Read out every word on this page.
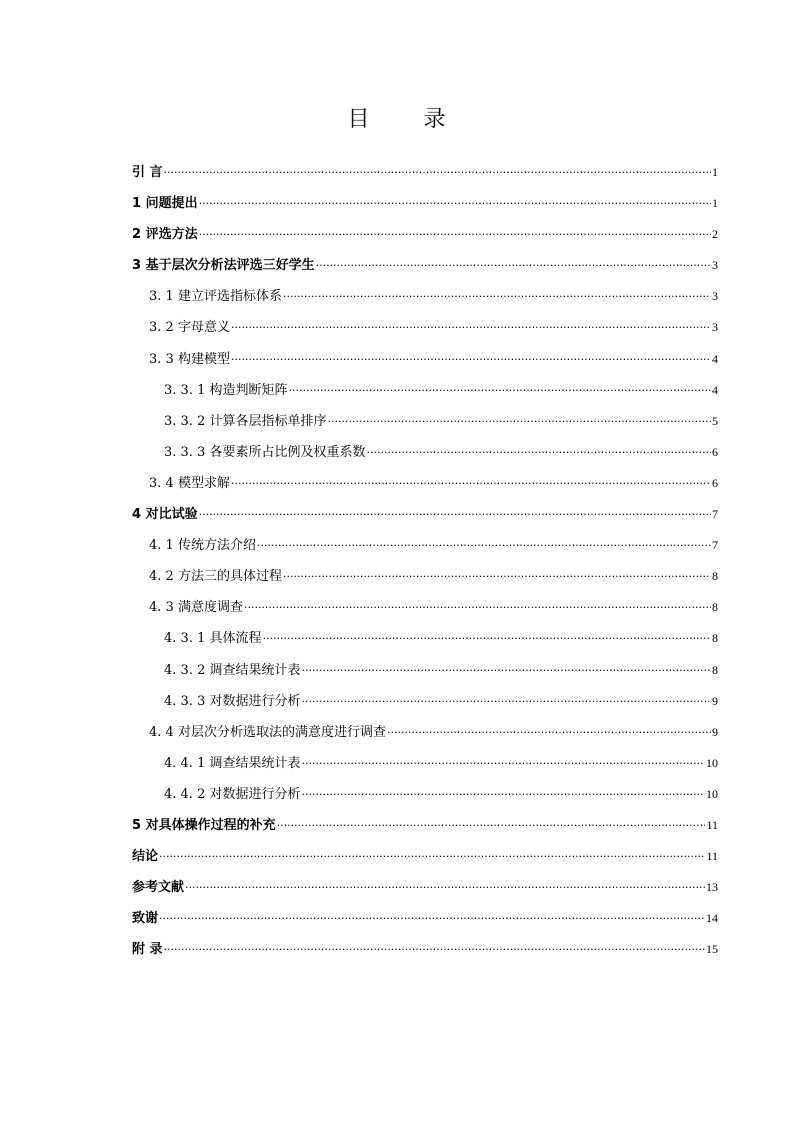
目 录
引 言 ·····	1
1 问题提出 ·····	1
2 评选方法 ·····	2
3 基于层次分析法评选三好学生 ·····	3
3. 1 建立评选指标体系 ·····	3
3. 2 字母意义 ·····	3
3. 3 构建模型 ·····	4
3. 3. 1 构造判断矩阵 ·····	4
3. 3. 2 计算各层指标单排序 ·····	5
3. 3. 3 各要素所占比例及权重系数 ·····	6
3. 4 模型求解 ·····	6
4 对比试验 ·····	7
4. 1 传统方法介绍 ·····	7
4. 2 方法三的具体过程 ·····	8
4. 3 满意度调查 ·····	8
4. 3. 1 具体流程 ·····	8
4. 3. 2 调查结果统计表 ·····	8
4. 3. 3 对数据进行分析 ·····	9
4. 4 对层次分析选取法的满意度进行调查 ·····	9
4. 4. 1 调查结果统计表 ·····	10
4. 4. 2 对数据进行分析 ·····	10
5 对具体操作过程的补充 ·····	11
结论 ·····	11
参考文献 ·····	13
致谢 ·····	14
附 录 ·····	15
